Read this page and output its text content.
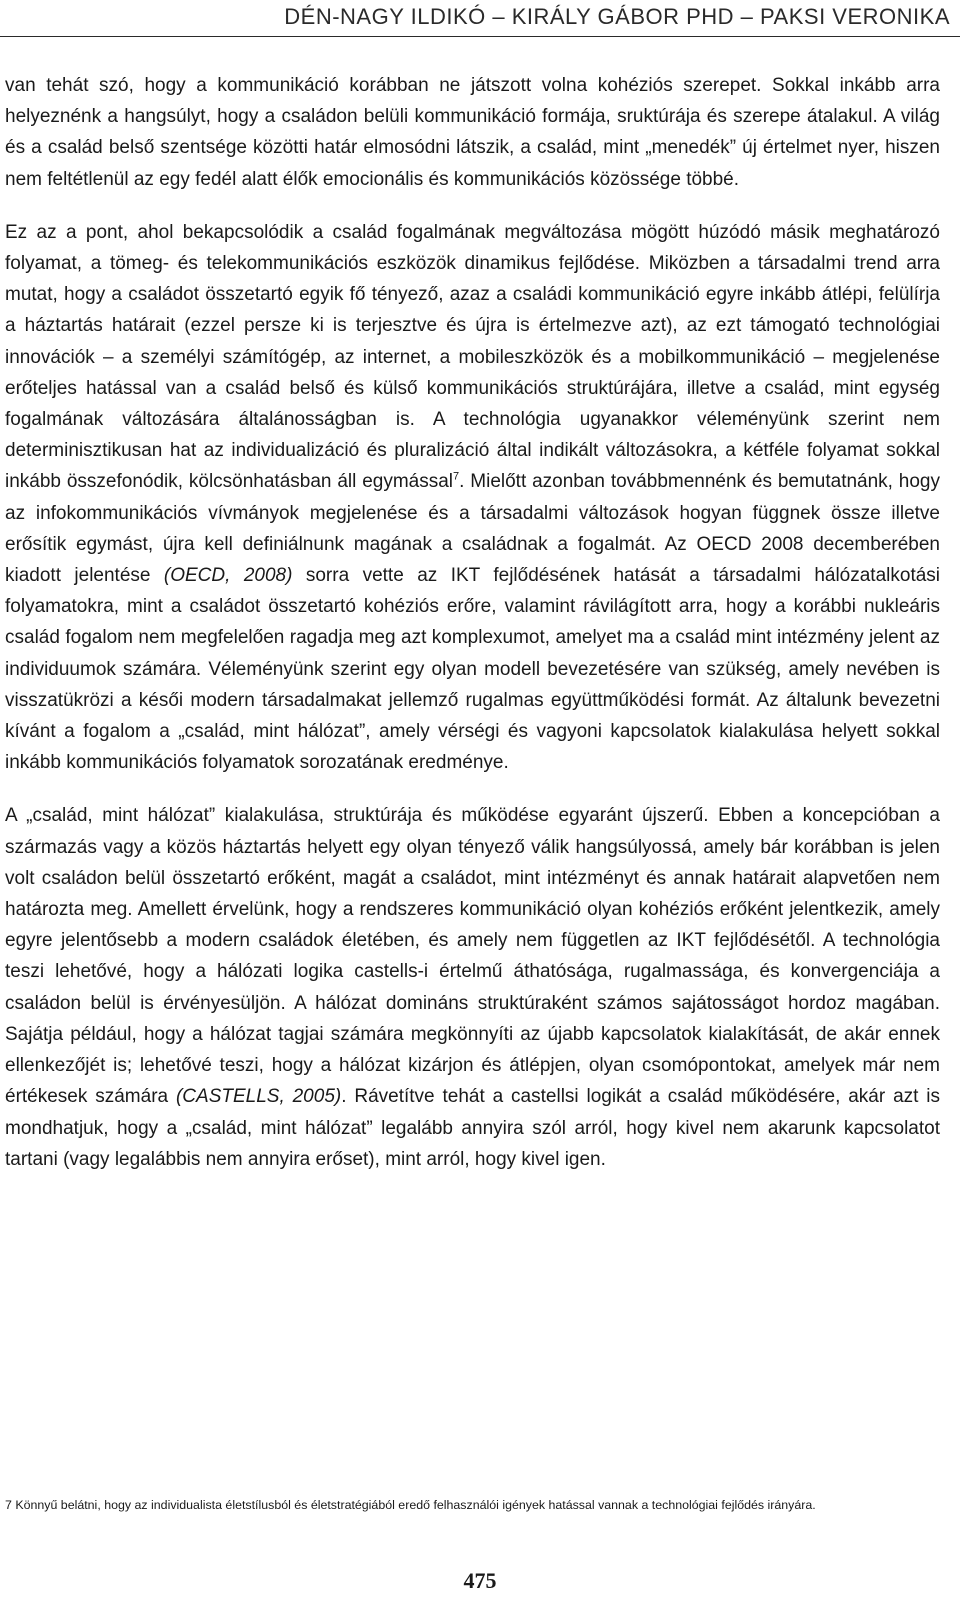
DÉN-NAGY ILDIKÓ – KIRÁLY GÁBOR PHD – PAKSI VERONIKA

van tehát szó, hogy a kommunikáció korábban ne játszott volna kohéziós szerepet. Sokkal inkább arra helyeznénk a hangsúlyt, hogy a családon belüli kommunikáció formája, sruktúrája és szerepe átalakul. A világ és a család belső szentsége közötti határ elmosódni látszik, a család, mint „menedék” új értelmet nyer, hiszen nem feltétlenül az egy fedél alatt élők emocionális és kommunikációs közössége többé.

Ez az a pont, ahol bekapcsolódik a család fogalmának megváltozása mögött húzódó másik meghatározó folyamat, a tömeg- és telekommunikációs eszközök dinamikus fejlődése. Miközben a társadalmi trend arra mutat, hogy a családot összetartó egyik fő tényező, azaz a családi kommunikáció egyre inkább átlépi, felülírja a háztartás határait (ezzel persze ki is terjesztve és újra is értelmezve azt), az ezt támogató technológiai innovációk – a személyi számítógép, az internet, a mobileszközök és a mobilkommunikáció – megjelenése erőteljes hatással van a család belső és külső kommunikációs struktúrájára, illetve a család, mint egység fogalmának változására általánosságban is. A technológia ugyanakkor véleményünk szerint nem determinisztikusan hat az individualizáció és pluralizáció által indikált változásokra, a kétféle folyamat sokkal inkább összefonódik, kölcsönhatásban áll egymással$^7$. Mielőtt azonban továbbmennénk és bemutatnánk, hogy az infokommunikációs vívmányok megjelenése és a társadalmi változások hogyan függnek össze illetve erősítik egymást, újra kell definiálnunk magának a családnak a fogalmát. Az OECD 2008 decemberében kiadott jelentése (OECD, 2008) sorra vette az IKT fejlődésének hatását a társadalmi hálózatalkotási folyamatokra, mint a családot összetartó kohéziós erőre, valamint rávilágított arra, hogy a korábbi nukleáris család fogalom nem megfelelően ragadja meg azt komplexumot, amelyet ma a család mint intézmény jelent az individuumok számára. Véleményünk szerint egy olyan modell bevezetésére van szükség, amely nevében is visszatükrözi a késői modern társadalmakat jellemző rugalmas együttműködési formát. Az általunk bevezetni kívánt a fogalom a „család, mint hálózat”, amely vérségi és vagyoni kapcsolatok kialakulása helyett sokkal inkább kommunikációs folyamatok sorozatának eredménye.

A „család, mint hálózat” kialakulása, struktúrája és működése egyaránt újszerű. Ebben a koncepcióban a származás vagy a közös háztartás helyett egy olyan tényező válik hangsúlyossá, amely bár korábban is jelen volt családon belül összetartó erőként, magát a családot, mint intézményt és annak határait alapvetően nem határozta meg. Amellett érvelünk, hogy a rendszeres kommunikáció olyan kohéziós erőként jelentkezik, amely egyre jelentősebb a modern családok életében, és amely nem független az IKT fejlődésétől. A technológia teszi lehetővé, hogy a hálózati logika castells-i értelmű áthatósága, rugalmassága, és konvergenciája a családon belül is érvényesüljön. A hálózat domináns struktúraként számos sajátosságot hordoz magában. Sajátja például, hogy a hálózat tagjai számára megkönnyíti az újabb kapcsolatok kialakítását, de akár ennek ellenkezőjét is; lehetővé teszi, hogy a hálózat kizárjon és átlépjen, olyan csomópontokat, amelyek már nem értékesek számára (CASTELLS, 2005). Rávetítve tehát a castellsi logikát a család működésére, akár azt is mondhatjuk, hogy a „család, mint hálózat” legalább annyira szól arról, hogy kivel nem akarunk kapcsolatot tartani (vagy legalábbis nem annyira erőset), mint arról, hogy kivel igen.

7 Könnyű belátni, hogy az individualista életstílusból és életstratégiából eredő felhasználói igények hatással vannak a technológiai fejlődés irányára.
475
